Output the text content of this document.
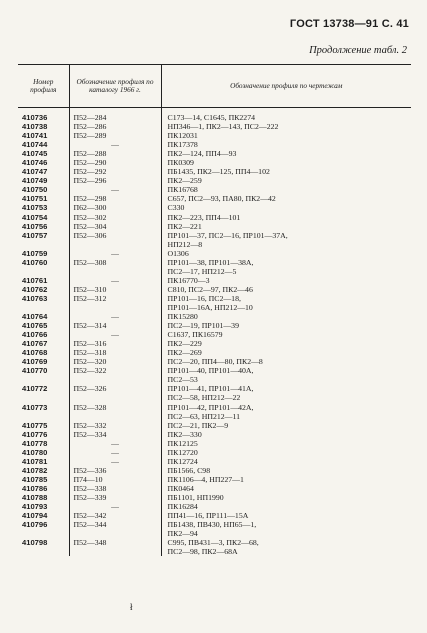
ГОСТ 13738—91 С. 41
Продолжение табл. 2
Номер профиля	Обозначение профиля по каталогу 1966 г.	Обозначение профиля по чертежам
410736	П52—284	С173—14, С1645, ПК2274
410738	П52—286	НП346—1, ПК2—143, ПС2—222
410741	П52—289	ПК12031
410744	—	ПК17378
410745	П52—288	ПК2—124, ПП4—93
410746	П52—290	ПК0309
410747	П52—292	ПБ1435, ПК2—125, ПП4—102
410749	П52—296	ПК2—259
410750	—	ПК16768
410751	П52—298	С657, ПС2—93, ПА80, ПК2—42
410753	П62—300	С330
410754	П52—302	ПК2—223, ПП4—101
410756	П52—304	ПК2—221
410757	П52—306	ПР101—37, ПС2—16, ПР101—37А,
		НП212—8
410759	—	О1306
410760	П52—308	ПР101—38, ПР101—38А,
		ПС2—17, НП212—5
410761	—	ПК16770—3
410762	П52—310	С810, ПС2—97, ПК2—46
410763	П52—312	ПР101—16, ПС2—18,
		ПР101—16А, НП212—10
410764	—	ПК15280
410765	П52—314	ПС2—19, ПР101—39
410766	—	С1637, ПК16579
410767	П52—316	ПК2—229
410768	П52—318	ПК2—269
410769	П52—320	ПС2—20, ПП4—80, ПК2—8
410770	П52—322	ПР101—40, ПР101—40А,
		ПС2—53
410772	П52—326	ПР101—41, ПР101—41А,
		ПС2—58, НП212—22
410773	П52—328	ПР101—42, ПР101—42А,
		ПС2—63, НП212—11
410775	П52—332	ПС2—21, ПК2—9
410776	П52—334	ПК2—330
410778	—	ПК12125
410780	—	ПК12720
410781	—	ПК12724
410782	П52—336	ПБ1566, С98
410785	П74—10	ПК1106—4, НП227—1
410786	П52—338	ПК0464
410788	П52—339	ПБ1101, НП1990
410793	—	ПК16284
410794	П52—342	ПП41—16, ПР111—15А
410796	П52—344	ПБ1438, ПВ430, НП65—1,
		ПК2—94
410798	П52—348	С995, ПВ431—3, ПК2—68,
		ПС2—98, ПК2—68А
ł
